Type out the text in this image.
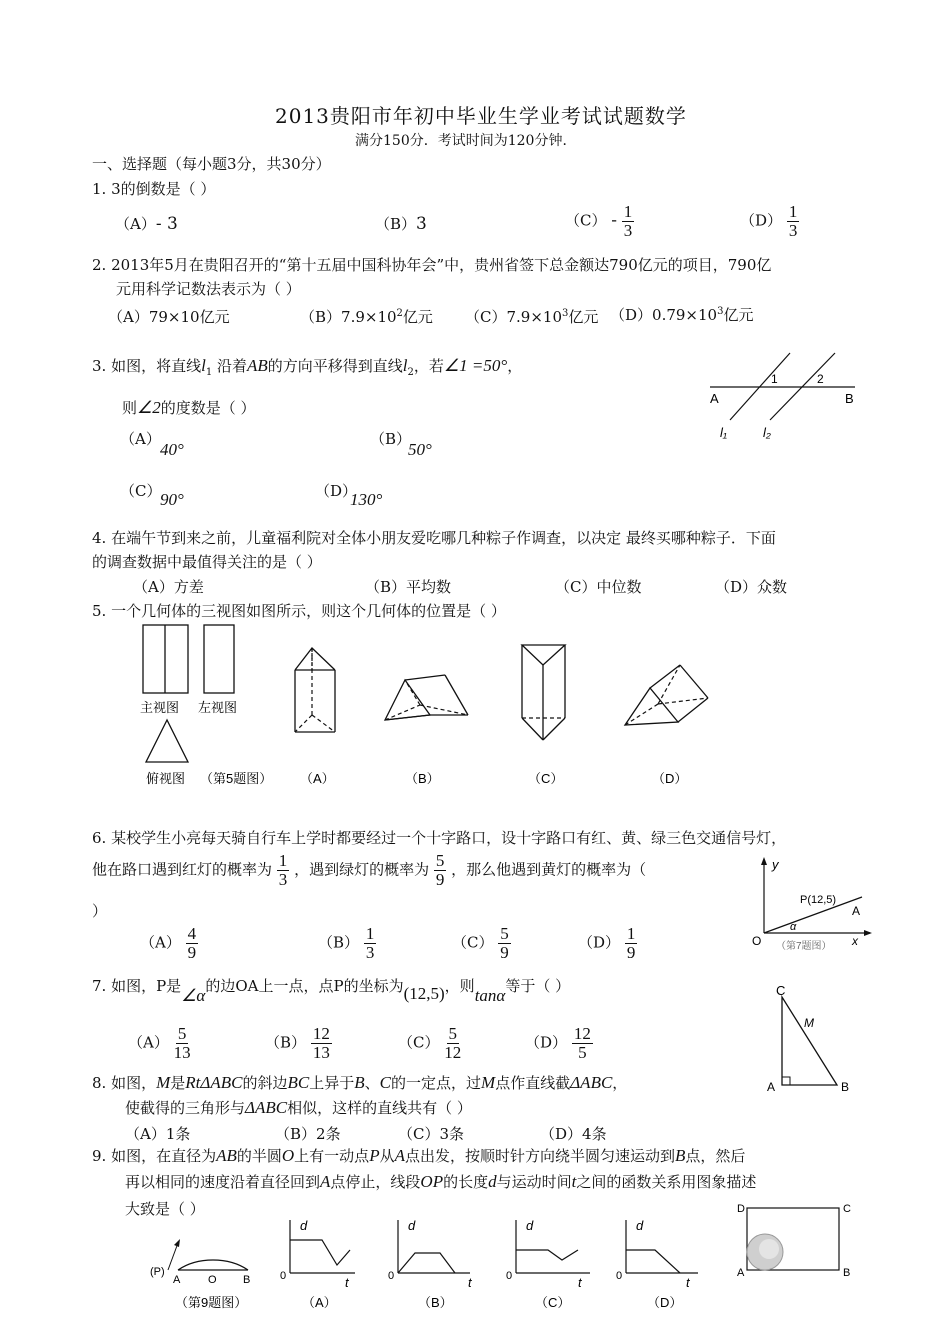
2013贵阳市年初中毕业生学业考试试题数学
满分150分．考试时间为120分钟．
一、选择题（每小题3分，共30分）
1. 3的倒数是（ ）
（A）- 3	（B）3	$(C) - \frac{1}{3}$	$(D) \frac{1}{3}$
2. 2013年5月在贵阳召开的“第十五届中国科协年会”中，贵州省签下总金额达790亿元的项目，790亿
元用科学记数法表示为（ ）
（A）79×10亿元	$(B)7.9\times 10^2$亿元 $(C)7.9\times 10^3$亿元 $(D)0.79\times 10^3$亿元
3. 如图，将直线$l_1$ 沿着AB的方向平移得到直线$l_2$，若∠1 =50°，
则∠2的度数是（ ）
（A）
40°
（B）
50°
（C）
90°	（D）
130°
A	B
1	2
l₁	l₂
4. 在端午节到来之前，儿童福利院对全体小朋友爱吃哪几种粽子作调查，以决定 最终买哪种粽子．下面
的调查数据中最值得关注的是（ ）
（A）方差	（B）平均数	（C）中位数	（D）众数
5. 一个几何体的三视图如图所示，则这个几何体的位置是（ ）
主视图 左视图
俯视图 （第5题图） （A）	（B）	（C）	（D）
6. 某校学生小亮每天骑自行车上学时都要经过一个十字路口，设十字路口有红、黄、绿三色交通信号灯，
他在路口遇到红灯的概率为 $\frac{1}{3}$ ，遇到绿灯的概率为 $\frac{5}{9}$ ，那么他遇到黄灯的概率为（
）
$(A) \frac{4}{9}$	$(B) \frac{1}{3}$	$(C) \frac{5}{9}$	$(D) \frac{1}{9}$
y
x
O
P(12,5)
A
α
（第7题图）
7. 如图，P是∠α的边OA上一点，点P的坐标为(12,5)，则tanα等于（ ）
$(A) \frac{5}{13}$	$(B) \frac{12}{13}$	$(C) \frac{5}{12}$	$(D) \frac{12}{5}$
C
M
A	B
8. 如图，M是RtΔABC的斜边BC上异于B、C的一定点，过M点作直线截ΔABC，
使截得的三角形与ΔABC相似，这样的直线共有（ ）
（A）1条	（B）2条	（C）3条	（D）4条
9. 如图，在直径为AB的半圆O上有一动点P从A点出发，按顺时针方向绕半圆匀速运动到B点，然后
再以相同的速度沿着直径回到A点停止，线段OP的长度d与运动时间t之间的函数关系用图象描述
大致是（ ）
(P)
A	O B
（第9题图）
d
t
0
（A）
d
t
0
（B）
d
t
0
（C）
d
t
0
（D）
D	C
A	B
